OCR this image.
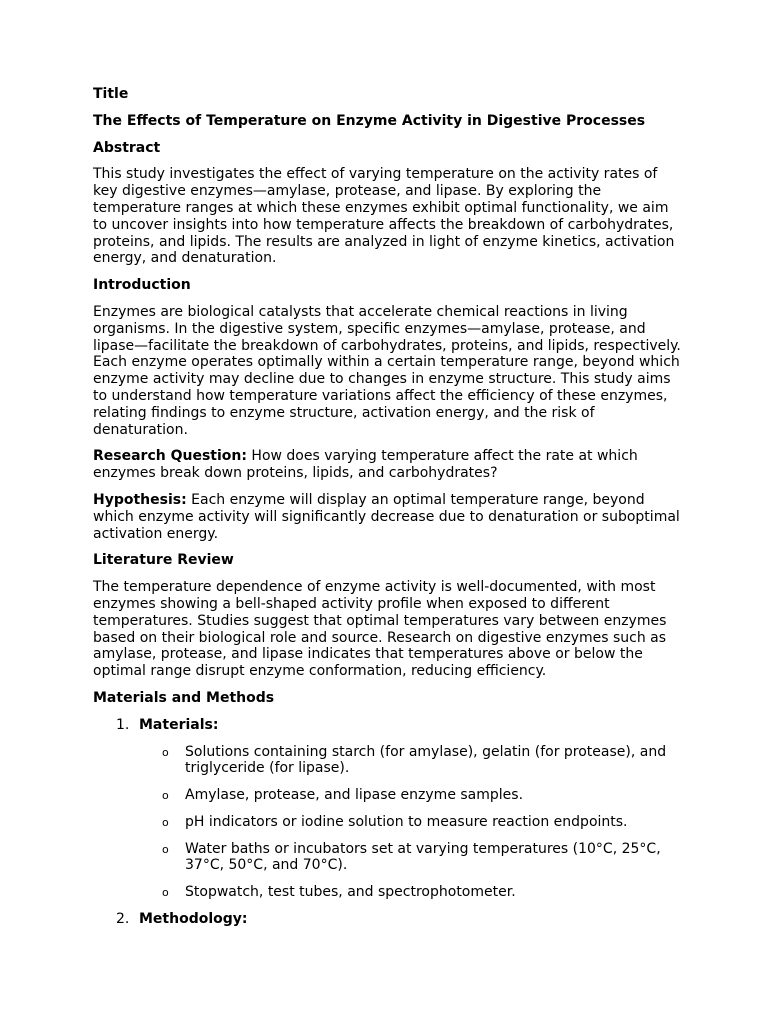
Title

The Effects of Temperature on Enzyme Activity in Digestive Processes

Abstract

This study investigates the effect of varying temperature on the activity rates of key digestive enzymes—amylase, protease, and lipase. By exploring the temperature ranges at which these enzymes exhibit optimal functionality, we aim to uncover insights into how temperature affects the breakdown of carbohydrates, proteins, and lipids. The results are analyzed in light of enzyme kinetics, activation energy, and denaturation.

Introduction

Enzymes are biological catalysts that accelerate chemical reactions in living organisms. In the digestive system, specific enzymes—amylase, protease, and lipase—facilitate the breakdown of carbohydrates, proteins, and lipids, respectively. Each enzyme operates optimally within a certain temperature range, beyond which enzyme activity may decline due to changes in enzyme structure. This study aims to understand how temperature variations affect the efficiency of these enzymes, relating findings to enzyme structure, activation energy, and the risk of denaturation.

Research Question: How does varying temperature affect the rate at which enzymes break down proteins, lipids, and carbohydrates?

Hypothesis: Each enzyme will display an optimal temperature range, beyond which enzyme activity will significantly decrease due to denaturation or suboptimal activation energy.

Literature Review

The temperature dependence of enzyme activity is well-documented, with most enzymes showing a bell-shaped activity profile when exposed to different temperatures. Studies suggest that optimal temperatures vary between enzymes based on their biological role and source. Research on digestive enzymes such as amylase, protease, and lipase indicates that temperatures above or below the optimal range disrupt enzyme conformation, reducing efficiency.

Materials and Methods

1. Materials:
o Solutions containing starch (for amylase), gelatin (for protease), and triglyceride (for lipase).
o Amylase, protease, and lipase enzyme samples.
o pH indicators or iodine solution to measure reaction endpoints.
o Water baths or incubators set at varying temperatures (10°C, 25°C, 37°C, 50°C, and 70°C).
o Stopwatch, test tubes, and spectrophotometer.
2. Methodology:
